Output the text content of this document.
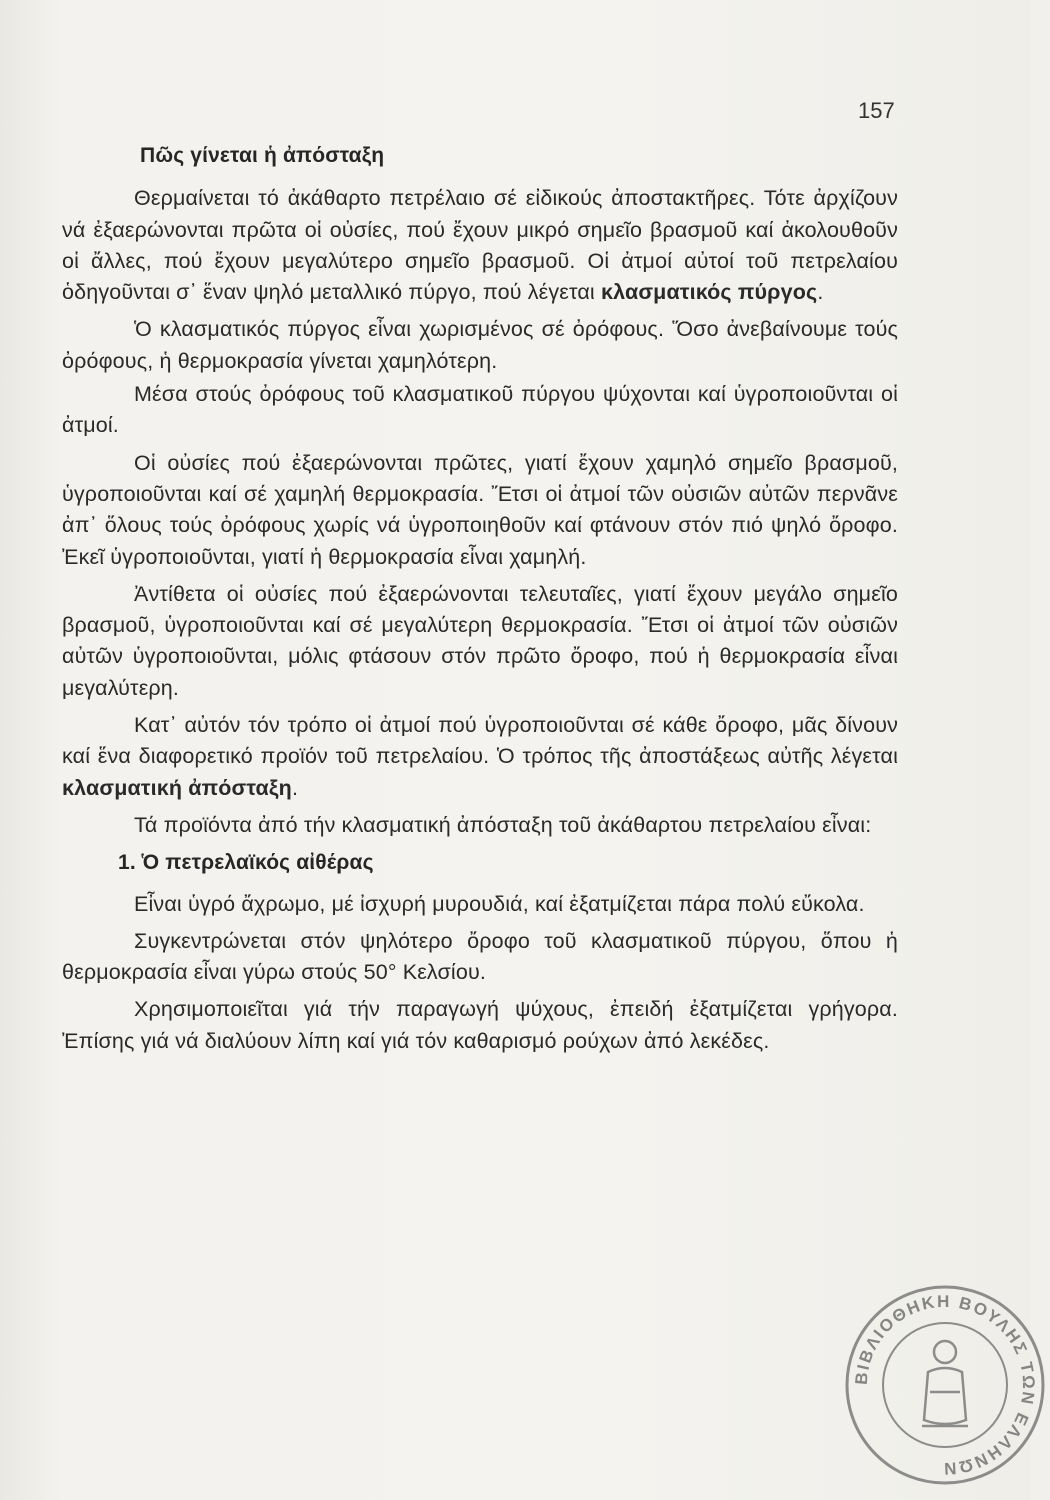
157
Πῶς γίνεται ἡ ἀπόσταξη

Θερμαίνεται τό ἀκάθαρτο πετρέλαιο σέ εἰδικούς ἀποστακτῆρες. Τότε ἀρχίζουν νά ἐξαερώνονται πρῶτα οἱ οὐσίες, πού ἔχουν μικρό σημεῖο βρασμοῦ καί ἀκολουθοῦν οἱ ἄλλες, πού ἔχουν μεγαλύτερο σημεῖο βρασμοῦ. Οἱ ἀτμοί αὐτοί τοῦ πετρελαίου ὁδηγοῦνται σ᾽ ἕναν ψηλό μεταλλικό πύργο, πού λέγεται κλασματικός πύργος.

Ὁ κλασματικός πύργος εἶναι χωρισμένος σέ ὀρόφους. Ὅσο ἀνεβαίνουμε τούς ὀρόφους, ἡ θερμοκρασία γίνεται χαμηλότερη.

Μέσα στούς ὀρόφους τοῦ κλασματικοῦ πύργου ψύχονται καί ὑγροποιοῦνται οἱ ἀτμοί.

Οἱ οὐσίες πού ἐξαερώνονται πρῶτες, γιατί ἔχουν χαμηλό σημεῖο βρασμοῦ, ὑγροποιοῦνται καί σέ χαμηλή θερμοκρασία. Ἔτσι οἱ ἀτμοί τῶν οὐσιῶν αὐτῶν περνᾶνε ἀπ᾽ ὅλους τούς ὀρόφους χωρίς νά ὑγροποιηθοῦν καί φτάνουν στόν πιό ψηλό ὄροφο. Ἐκεῖ ὑγροποιοῦνται, γιατί ἡ θερμοκρασία εἶναι χαμηλή.

Ἀντίθετα οἱ οὐσίες πού ἐξαερώνονται τελευταῖες, γιατί ἔχουν μεγάλο σημεῖο βρασμοῦ, ὑγροποιοῦνται καί σέ μεγαλύτερη θερμοκρασία. Ἔτσι οἱ ἀτμοί τῶν οὐσιῶν αὐτῶν ὑγροποιοῦνται, μόλις φτάσουν στόν πρῶτο ὄροφο, πού ἡ θερμοκρασία εἶναι μεγαλύτερη.

Κατ᾽ αὐτόν τόν τρόπο οἱ ἀτμοί πού ὑγροποιοῦνται σέ κάθε ὄροφο, μᾶς δίνουν καί ἕνα διαφορετικό προϊόν τοῦ πετρελαίου. Ὁ τρόπος τῆς ἀποστάξεως αὐτῆς λέγεται κλασματική ἀπόσταξη.

Τά προϊόντα ἀπό τήν κλασματική ἀπόσταξη τοῦ ἀκάθαρτου πετρελαίου εἶναι:

1. Ὁ πετρελαϊκός αἰθέρας

Εἶναι ὑγρό ἄχρωμο, μέ ἰσχυρή μυρουδιά, καί ἐξατμίζεται πάρα πολύ εὔκολα.

Συγκεντρώνεται στόν ψηλότερο ὄροφο τοῦ κλασματικοῦ πύργου, ὅπου ἡ θερμοκρασία εἶναι γύρω στούς 50° Κελσίου.

Χρησιμοποιεῖται γιά τήν παραγωγή ψύχους, ἐπειδή ἐξατμίζεται γρήγορα. Ἐπίσης γιά νά διαλύουν λίπη καί γιά τόν καθαρισμό ρούχων ἀπό λεκέδες.

ΒΙΒΛΙΟΘΗΚΗ ΒΟΥΛΗΣ ΤΩΝ ΕΛΛΗΝΩΝ
